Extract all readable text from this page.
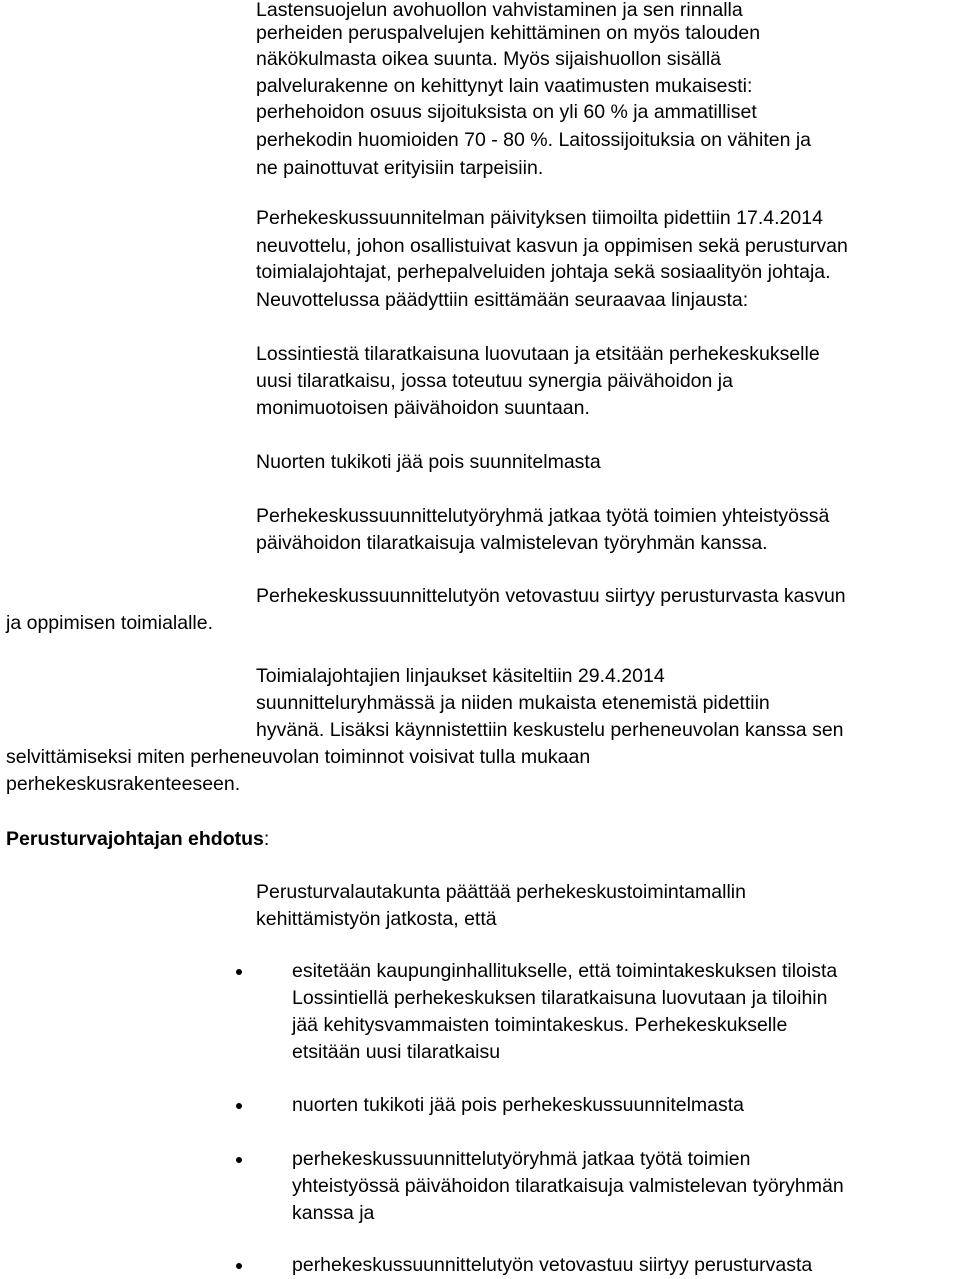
Lastensuojelun avohuollon vahvistaminen ja sen rinnalla
perheiden peruspalvelujen kehittäminen on myös talouden
näkökulmasta oikea suunta. Myös sijaishuollon sisällä
palvelurakenne on kehittynyt lain vaatimusten mukaisesti:
perhehoidon osuus sijoituksista on yli 60 % ja ammatilliset
perhekodin huomioiden 70 - 80 %. Laitossijoituksia on vähiten ja
ne painottuvat erityisiin tarpeisiin.
Perhekeskussuunnitelman päivityksen tiimoilta pidettiin 17.4.2014
neuvottelu, johon osallistuivat kasvun ja oppimisen sekä perusturvan
toimialajohtajat, perhepalveluiden johtaja sekä sosiaalityön johtaja.
Neuvottelussa päädyttiin esittämään seuraavaa linjausta:
Lossintiestä tilaratkaisuna luovutaan ja etsitään perhekeskukselle
uusi tilaratkaisu, jossa toteutuu synergia päivähoidon ja
monimuotoisen päivähoidon suuntaan.
Nuorten tukikoti jää pois suunnitelmasta
Perhekeskussuunnittelutyöryhmä jatkaa työtä toimien yhteistyössä
päivähoidon tilaratkaisuja valmistelevan työryhmän kanssa.
Perhekeskussuunnittelutyön vetovastuu siirtyy perusturvasta kasvun
ja oppimisen toimialalle.
Toimialajohtajien linjaukset käsiteltiin 29.4.2014
suunnitteluryhmässä ja niiden mukaista etenemistä pidettiin
hyvänä. Lisäksi käynnistettiin keskustelu perheneuvolan kanssa sen
selvittämiseksi miten perheneuvolan toiminnot voisivat tulla mukaan
perhekeskusrakenteeseen.
Perusturvajohtajan ehdotus:
Perusturvalautakunta päättää perhekeskustoimintamallin
kehittämistyön jatkosta, että
esitetään kaupunginhallitukselle, että toimintakeskuksen tiloista
Lossintiellä perhekeskuksen tilaratkaisuna luovutaan ja tiloihin
jää kehitysvammaisten toimintakeskus. Perhekeskukselle
etsitään uusi tilaratkaisu
nuorten tukikoti jää pois perhekeskussuunnitelmasta
perhekeskussuunnittelutyöryhmä jatkaa työtä toimien
yhteistyössä päivähoidon tilaratkaisuja valmistelevan työryhmän
kanssa ja
perhekeskussuunnittelutyön vetovastuu siirtyy perusturvasta
